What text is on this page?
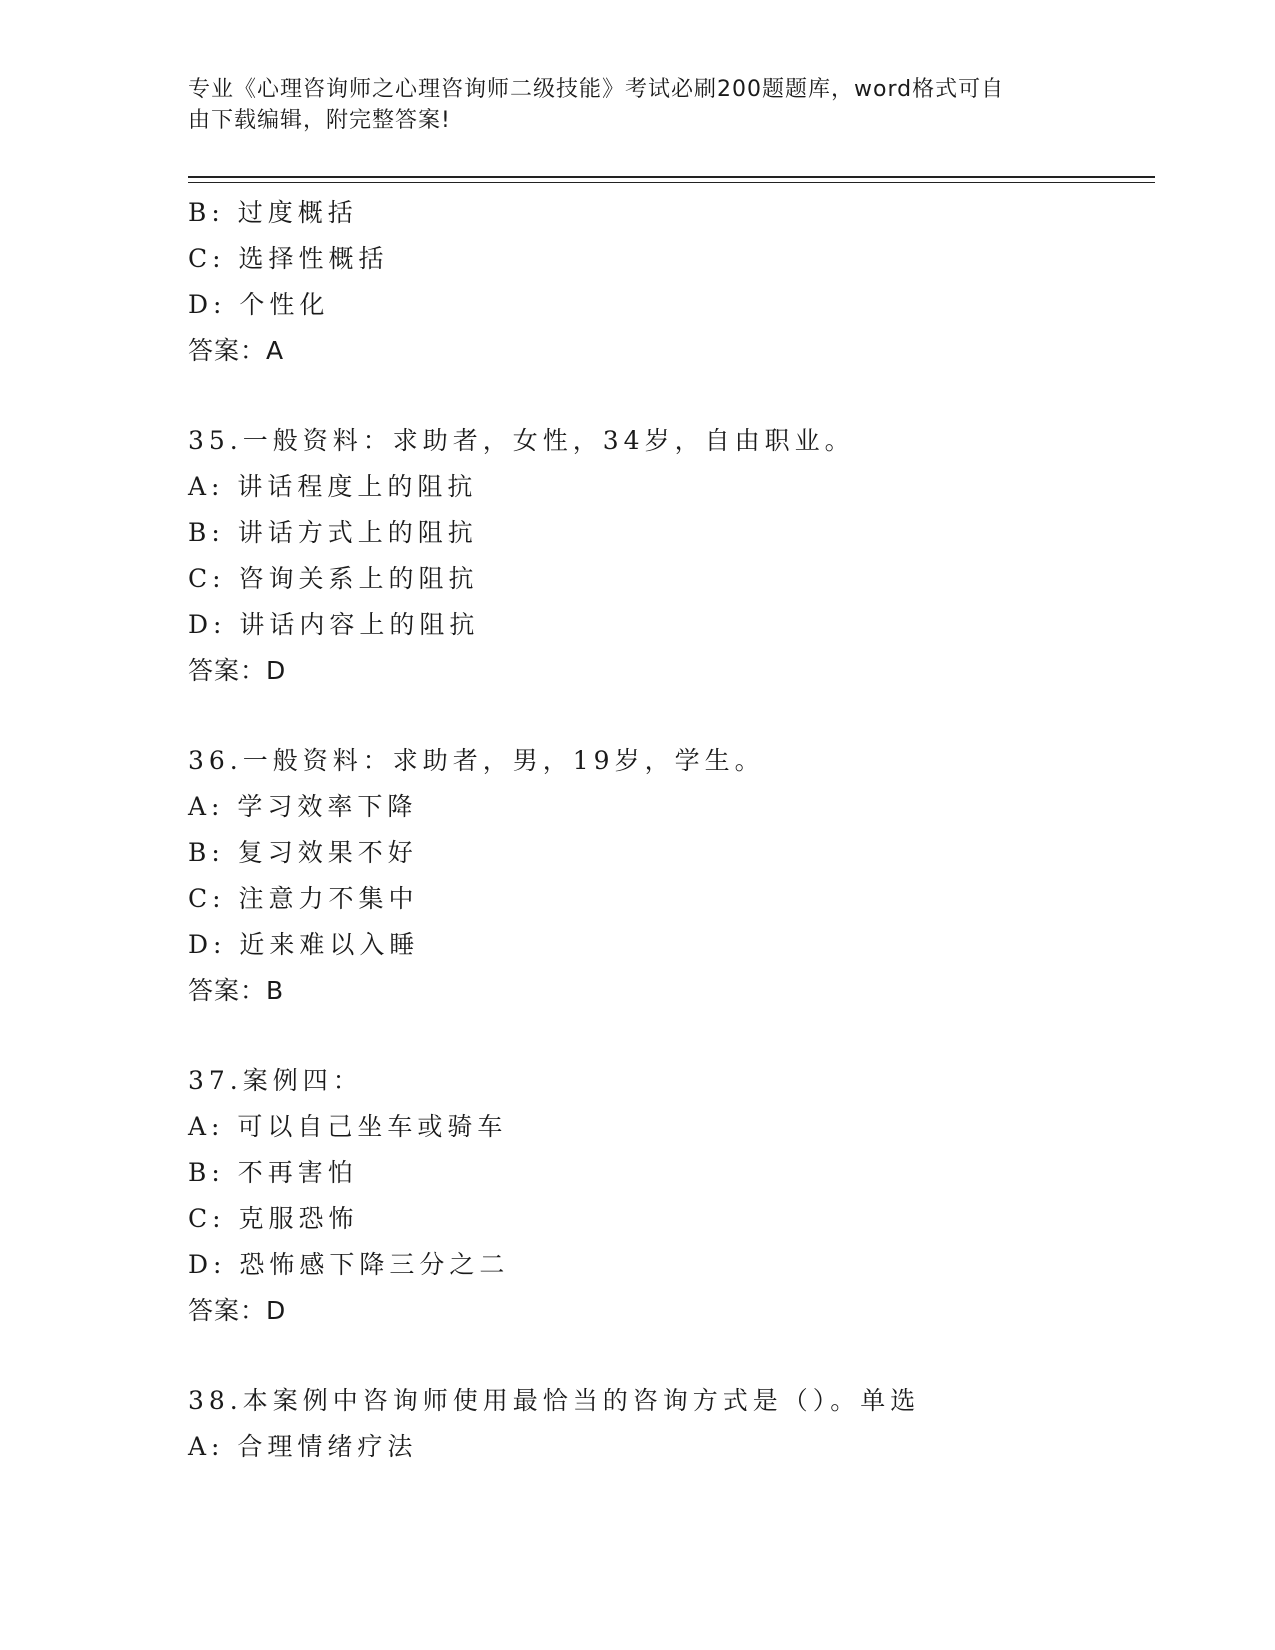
专业《心理咨询师之心理咨询师二级技能》考试必刷200题题库，word格式可自
由下载编辑，附完整答案!
B: 过度概括
C: 选择性概括
D: 个性化
答案：A
35.一般资料：求助者，女性，34岁，自由职业。
A: 讲话程度上的阻抗
B: 讲话方式上的阻抗
C: 咨询关系上的阻抗
D: 讲话内容上的阻抗
答案：D
36.一般资料：求助者，男，19岁，学生。
A: 学习效率下降
B: 复习效果不好
C: 注意力不集中
D: 近来难以入睡
答案：B
37.案例四：
A: 可以自己坐车或骑车
B: 不再害怕
C: 克服恐怖
D: 恐怖感下降三分之二
答案：D
38.本案例中咨询师使用最恰当的咨询方式是（）。单选
A: 合理情绪疗法
